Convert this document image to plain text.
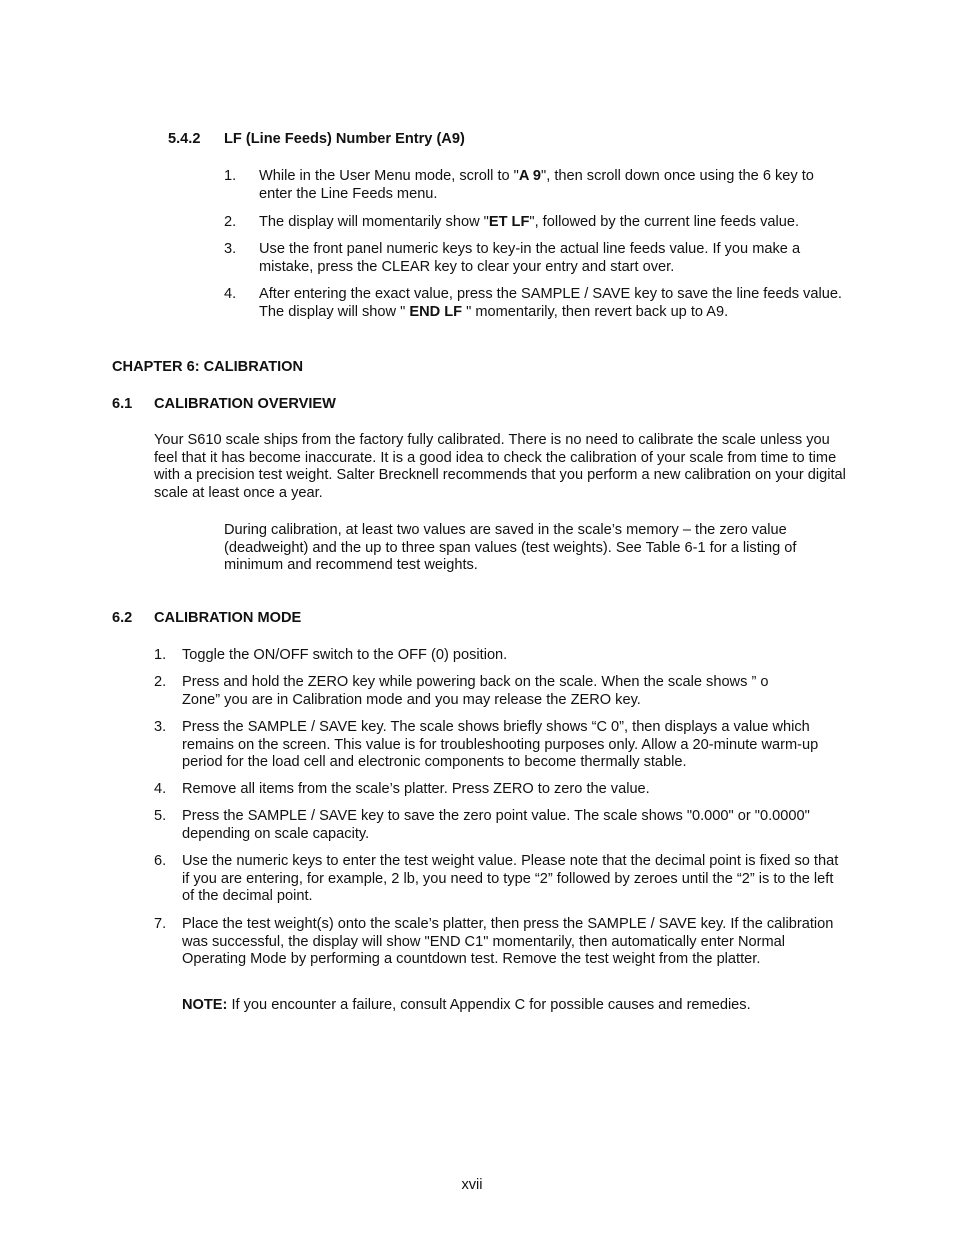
5.4.2 LF (Line Feeds) Number Entry (A9)
1. While in the User Menu mode, scroll to "A 9", then scroll down once using the 6 key to enter the Line Feeds menu.
2. The display will momentarily show "ET LF", followed by the current line feeds value.
3. Use the front panel numeric keys to key-in the actual line feeds value. If you make a mistake, press the CLEAR key to clear your entry and start over.
4. After entering the exact value, press the SAMPLE / SAVE key to save the line feeds value. The display will show " END LF " momentarily, then revert back up to A9.
CHAPTER 6: CALIBRATION
6.1 CALIBRATION OVERVIEW
Your S610 scale ships from the factory fully calibrated. There is no need to calibrate the scale unless you feel that it has become inaccurate. It is a good idea to check the calibration of your scale from time to time with a precision test weight. Salter Brecknell recommends that you perform a new calibration on your digital scale at least once a year.
During calibration, at least two values are saved in the scale’s memory – the zero value (deadweight) and the up to three span values (test weights). See Table 6-1 for a listing of minimum and recommend test weights.
6.2 CALIBRATION MODE
1. Toggle the ON/OFF switch to the OFF (0) position.
2. Press and hold the ZERO key while powering back on the scale. When the scale shows ” o Zone” you are in Calibration mode and you may release the ZERO key.
3. Press the SAMPLE / SAVE key. The scale shows briefly shows “C 0”, then displays a value which remains on the screen. This value is for troubleshooting purposes only. Allow a 20-minute warm-up period for the load cell and electronic components to become thermally stable.
4. Remove all items from the scale’s platter. Press ZERO to zero the value.
5. Press the SAMPLE / SAVE key to save the zero point value. The scale shows "0.000" or "0.0000" depending on scale capacity.
6. Use the numeric keys to enter the test weight value. Please note that the decimal point is fixed so that if you are entering, for example, 2 lb, you need to type “2” followed by zeroes until the “2” is to the left of the decimal point.
7. Place the test weight(s) onto the scale’s platter, then press the SAMPLE / SAVE key. If the calibration was successful, the display will show "END C1" momentarily, then automatically enter Normal Operating Mode by performing a countdown test. Remove the test weight from the platter.
NOTE: If you encounter a failure, consult Appendix C for possible causes and remedies.
xvii
